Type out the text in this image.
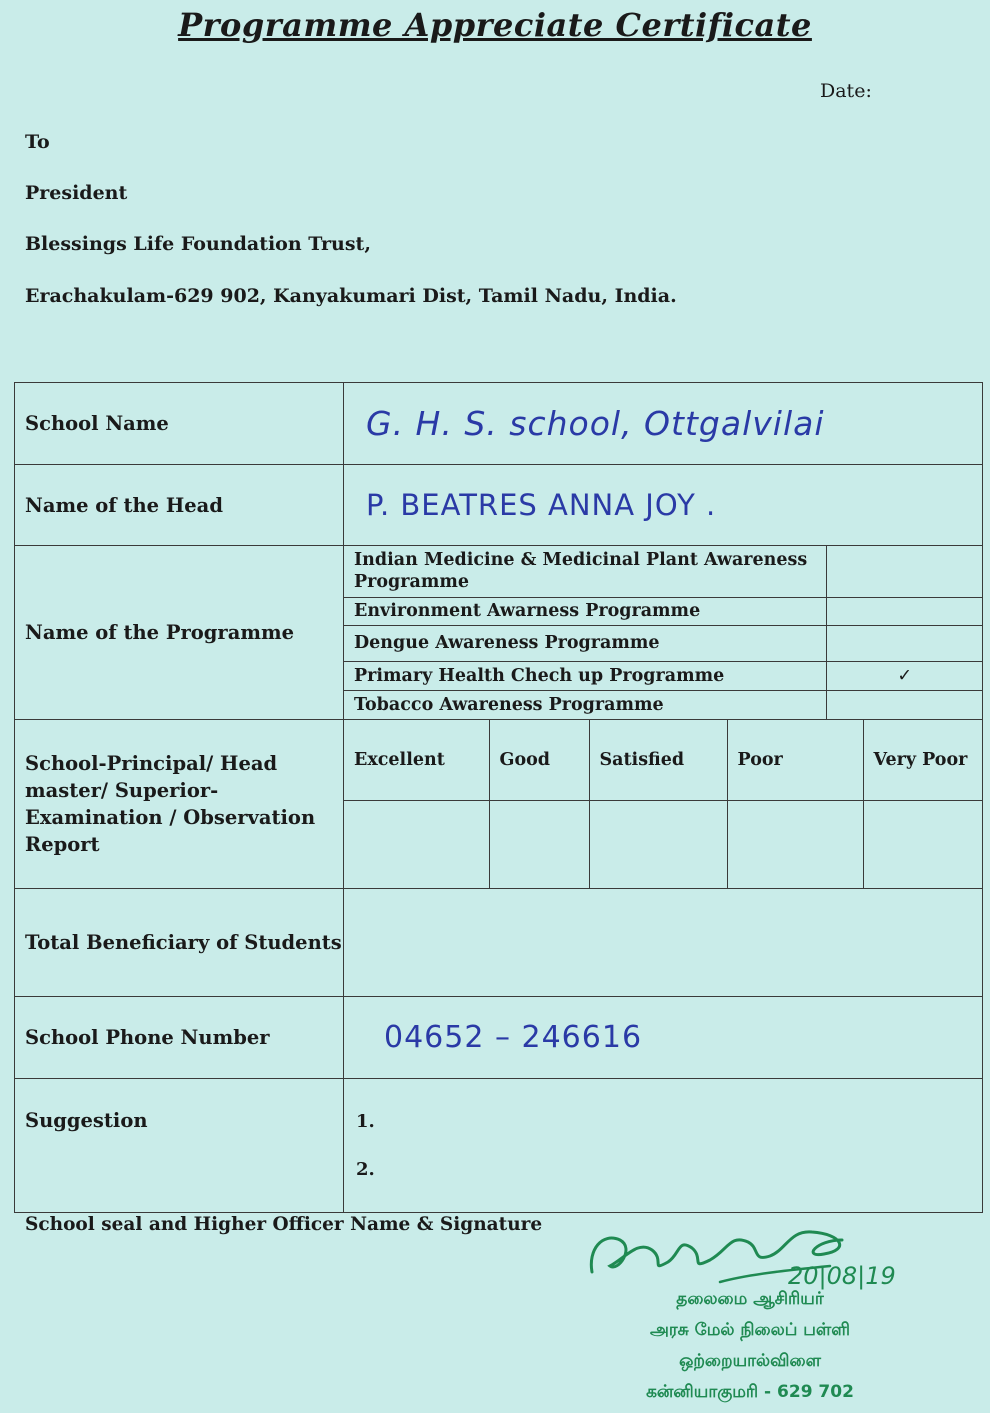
Programme Appreciate Certificate
Date:
To
President
Blessings Life Foundation Trust,
Erachakulam-629 902, Kanyakumari Dist, Tamil Nadu, India.
School Name	G. H. S. school, Ottgalvilai
Name of the Head	P. BEATRES ANNA JOY .
Name of the Programme	
Indian Medicine & Medicinal Plant Awareness Programme	
Environment Awarness Programme	
Dengue Awareness Programme	
Primary Health Chech up Programme	✓
Tobacco Awareness Programme	

School-Principal/ Head master/ Superior- Examination / Observation Report	
Excellent	Good	Satisfied	Poor	Very Poor

Total Beneficiary of Students	
School Phone Number	04652 – 246616
Suggestion	1.
2.
School seal and Higher Officer Name & Signature
20|08|19
தலைமை ஆசிரியர்
அரசு மேல் நிலைப் பள்ளி
ஒற்றையால்விளை
கன்னியாகுமரி - 629 702
